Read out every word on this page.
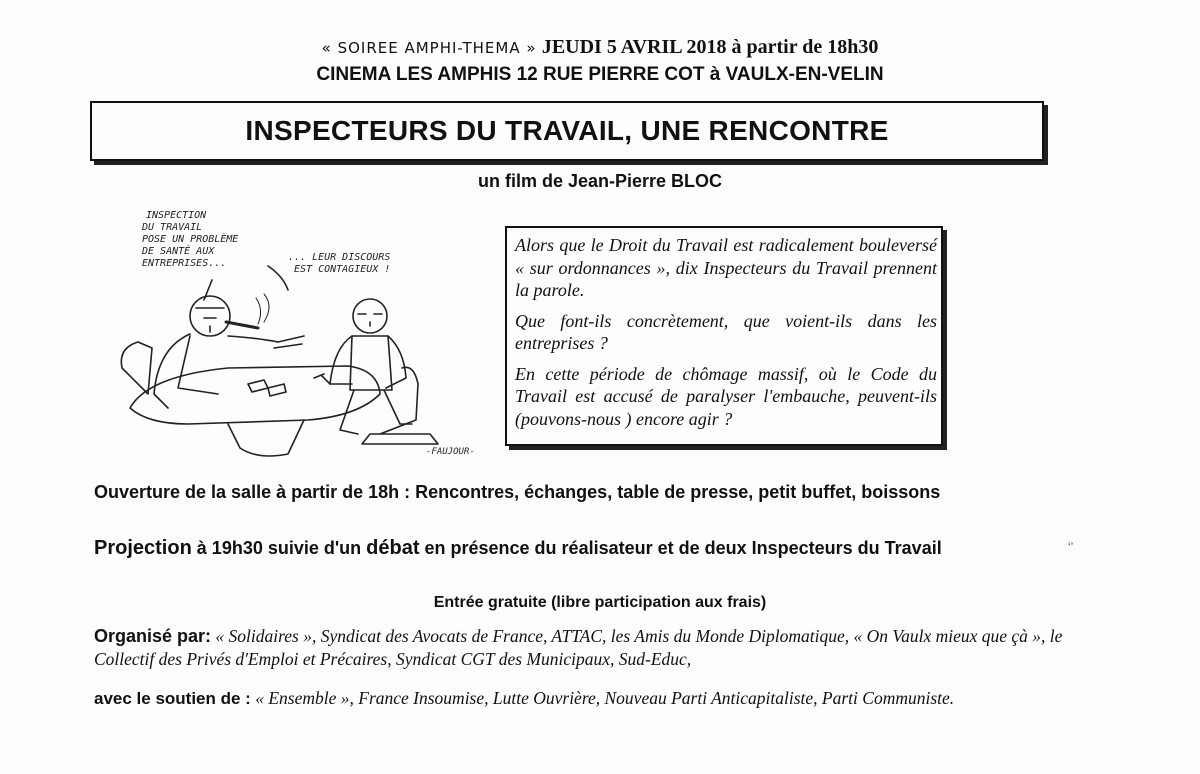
« SOIREE AMPHI-THEMA » JEUDI 5 AVRIL 2018 à partir de 18h30
CINEMA LES AMPHIS 12 RUE PIERRE COT à VAULX-EN-VELIN
INSPECTEURS DU TRAVAIL, UNE RENCONTRE
un film de Jean-Pierre BLOC
INSPECTION
DU TRAVAIL
POSE UN PROBLÈME
DE SANTÉ AUX
ENTREPRISES...
... LEUR DISCOURS
EST CONTAGIEUX !
-FAUJOUR-

Alors que le Droit du Travail est radicalement bouleversé « sur ordonnances », dix Inspecteurs du Travail prennent la parole.

Que font-ils concrètement, que voient-ils dans les entreprises ?

En cette période de chômage massif, où le Code du Travail est accusé de paralyser l'embauche, peuvent-ils (pouvons-nous ) encore agir ?

Ouverture de la salle à partir de 18h : Rencontres, échanges, table de presse, petit buffet, boissons
Projection à 19h30 suivie d'un débat en présence du réalisateur et de deux Inspecteurs du Travail
Entrée gratuite (libre participation aux frais)
Organisé par: « Solidaires », Syndicat des Avocats de France, ATTAC, les Amis du Monde Diplomatique, « On Vaulx mieux que çà », le Collectif des Privés d'Emploi et Précaires, Syndicat CGT des Municipaux, Sud-Educ,
avec le soutien de : « Ensemble », France Insoumise, Lutte Ouvrière, Nouveau Parti Anticapitaliste, Parti Communiste.
‘’
